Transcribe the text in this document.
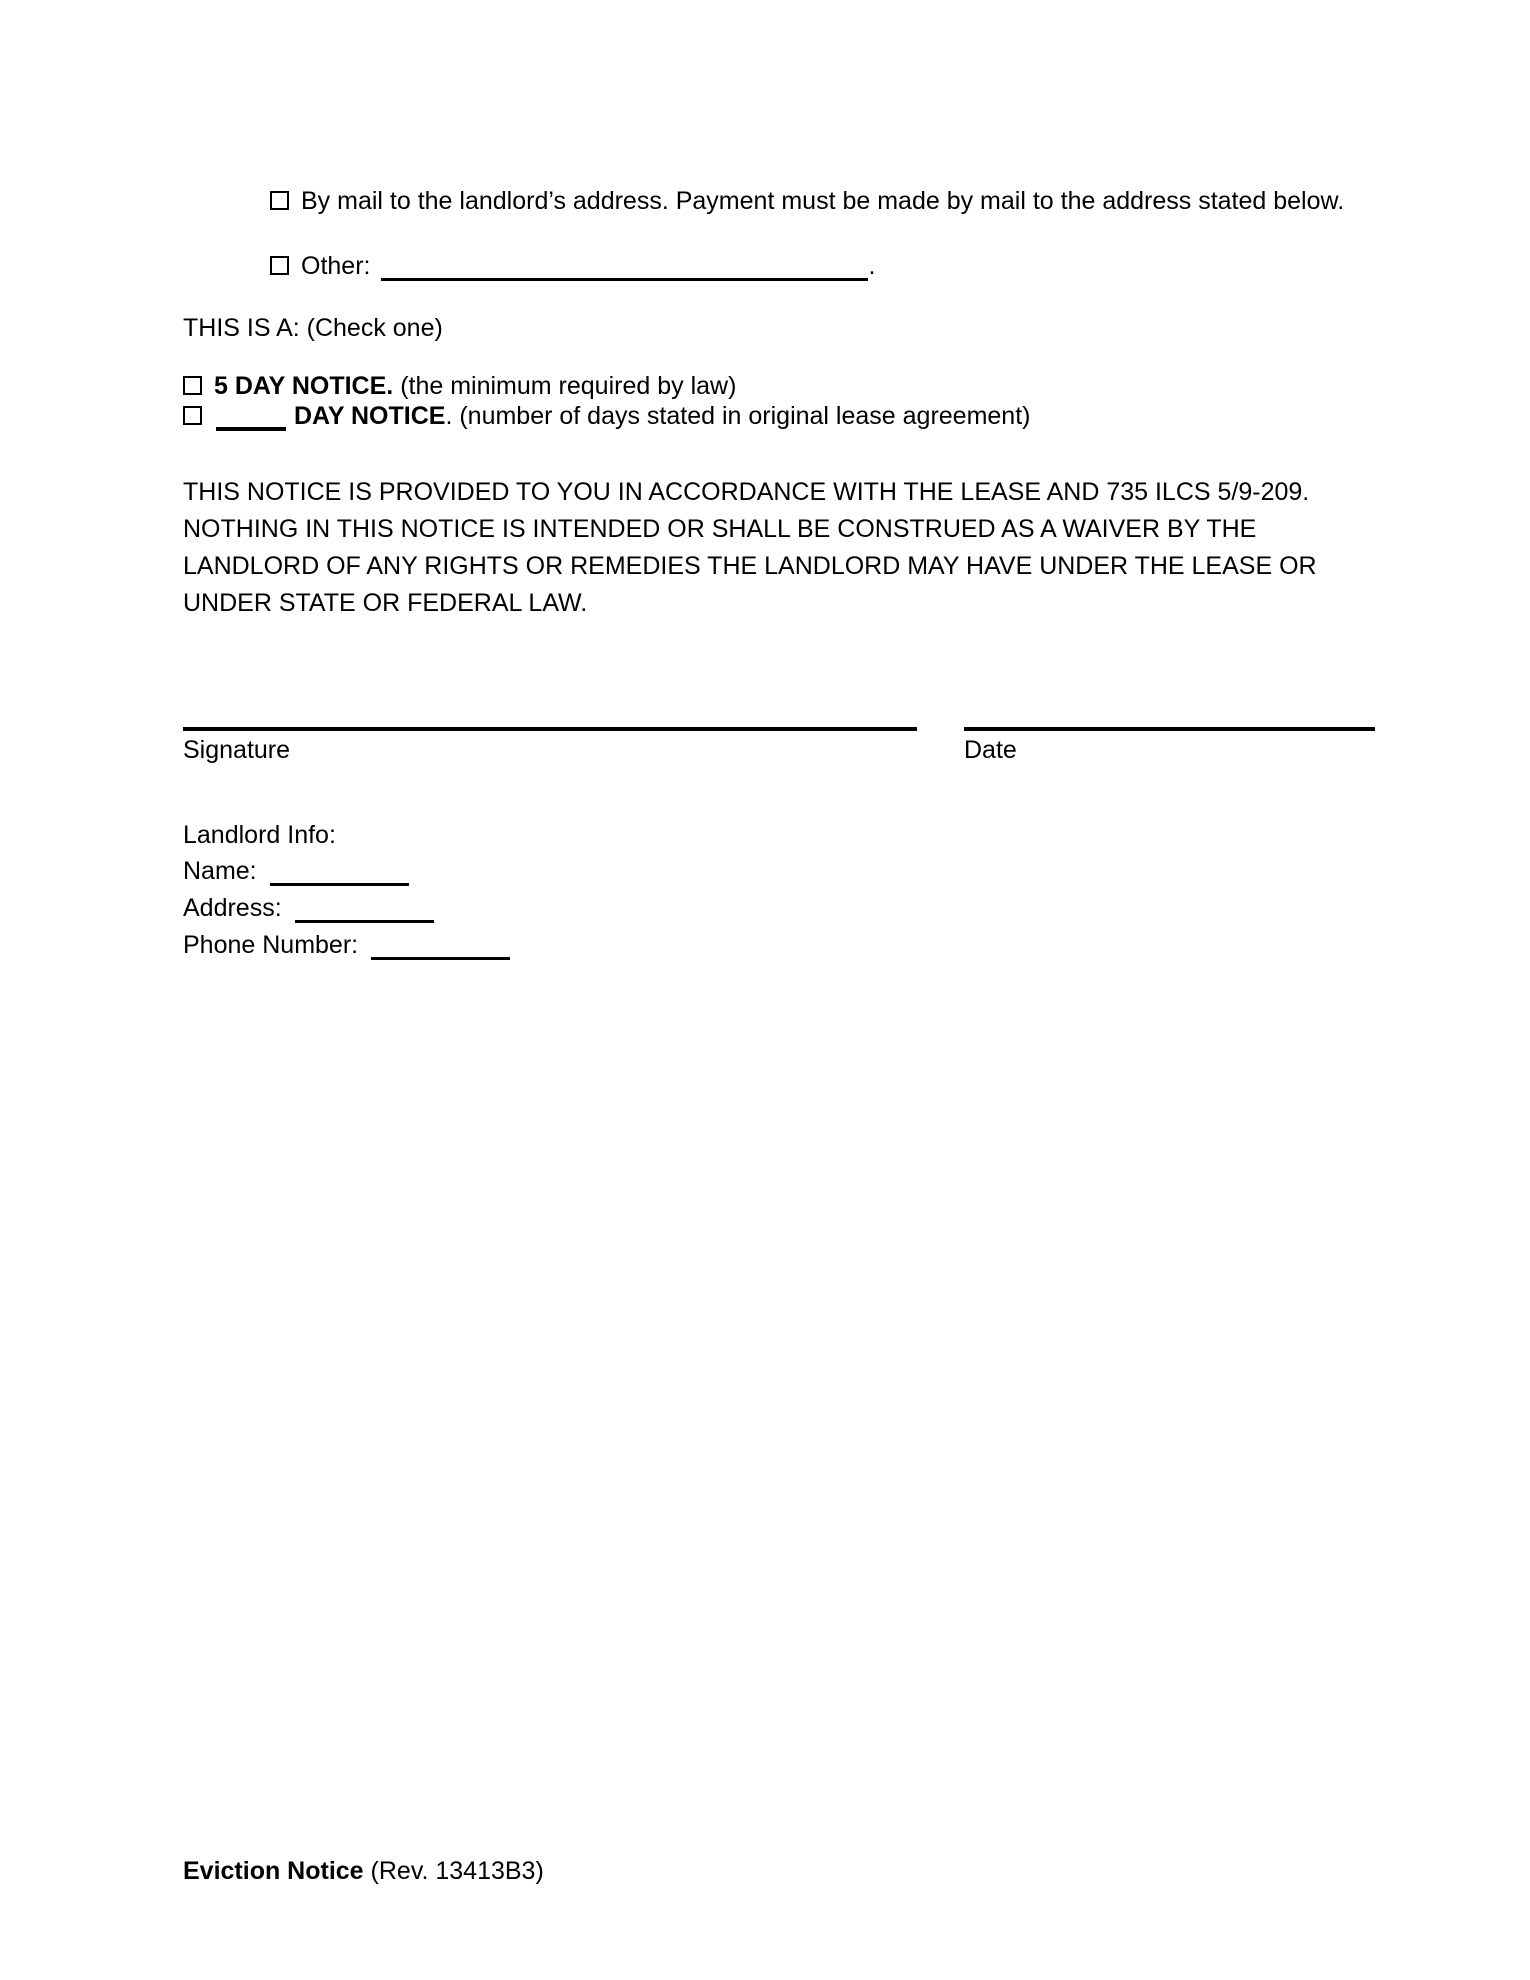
By mail to the landlord’s address. Payment must be made by mail to the address stated below.
Other:	.
THIS IS A: (Check one)
5 DAY NOTICE. (the minimum required by law)
DAY NOTICE. (number of days stated in original lease agreement)
THIS NOTICE IS PROVIDED TO YOU IN ACCORDANCE WITH THE LEASE AND 735 ILCS 5/9-209.
NOTHING IN THIS NOTICE IS INTENDED OR SHALL BE CONSTRUED AS A WAIVER BY THE
LANDLORD OF ANY RIGHTS OR REMEDIES THE LANDLORD MAY HAVE UNDER THE LEASE OR
UNDER STATE OR FEDERAL LAW.
Signature	Date
Landlord Info:
Name:
Address:
Phone Number:
Eviction Notice (Rev. 13413B3)
